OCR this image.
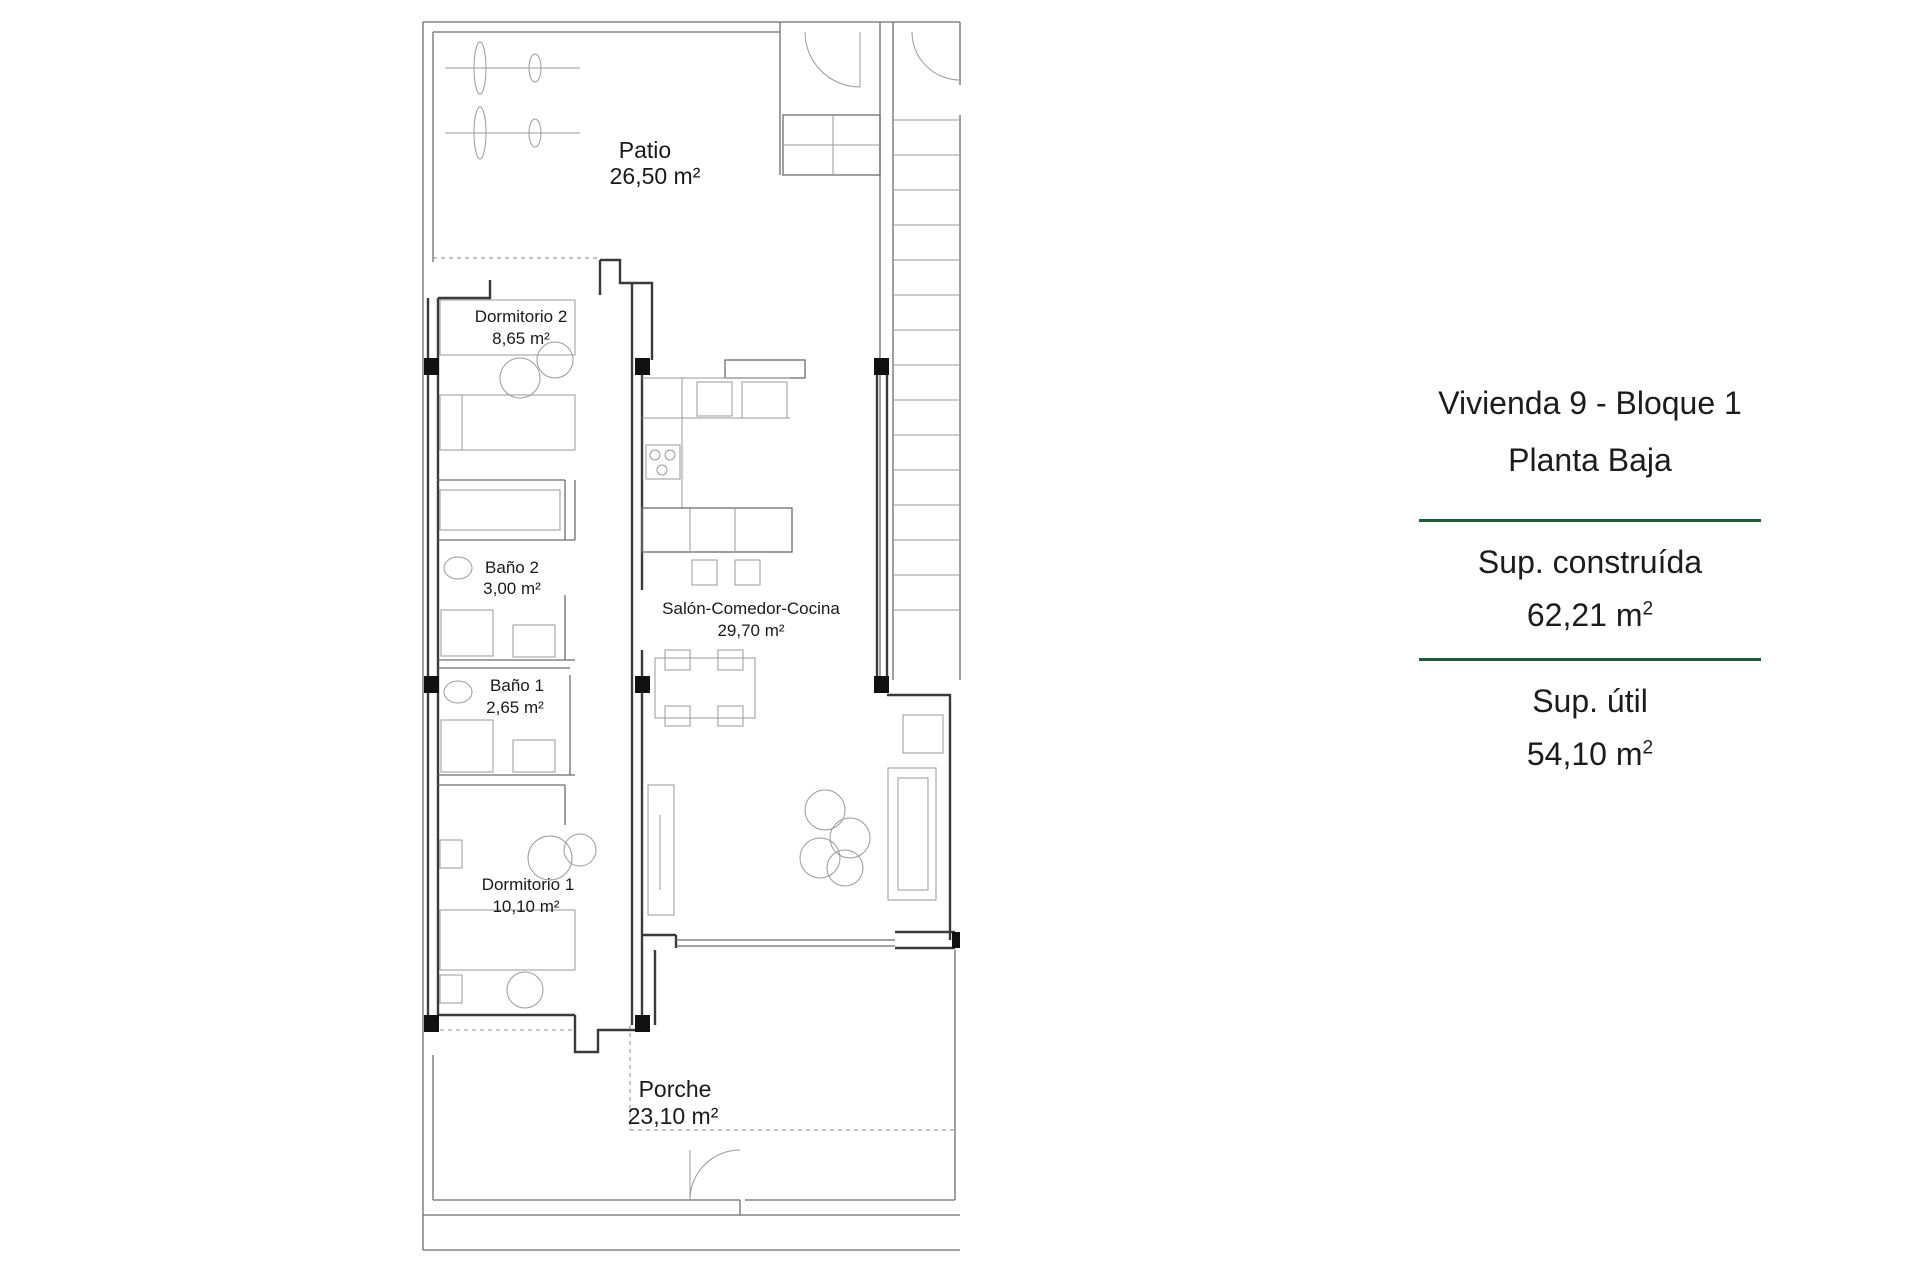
Patio
26,50 m²
Dormitorio 2
8,65 m²
Baño 2
3,00 m²
Baño 1
2,65 m²
Dormitorio 1
10,10 m²
Salón-Comedor-Cocina
29,70 m²
Porche
23,10 m²

Vivienda 9 - Bloque 1

Planta Baja

Sup. construída

62,21 $m^2$

Sup. útil

54,10 $m^2$
